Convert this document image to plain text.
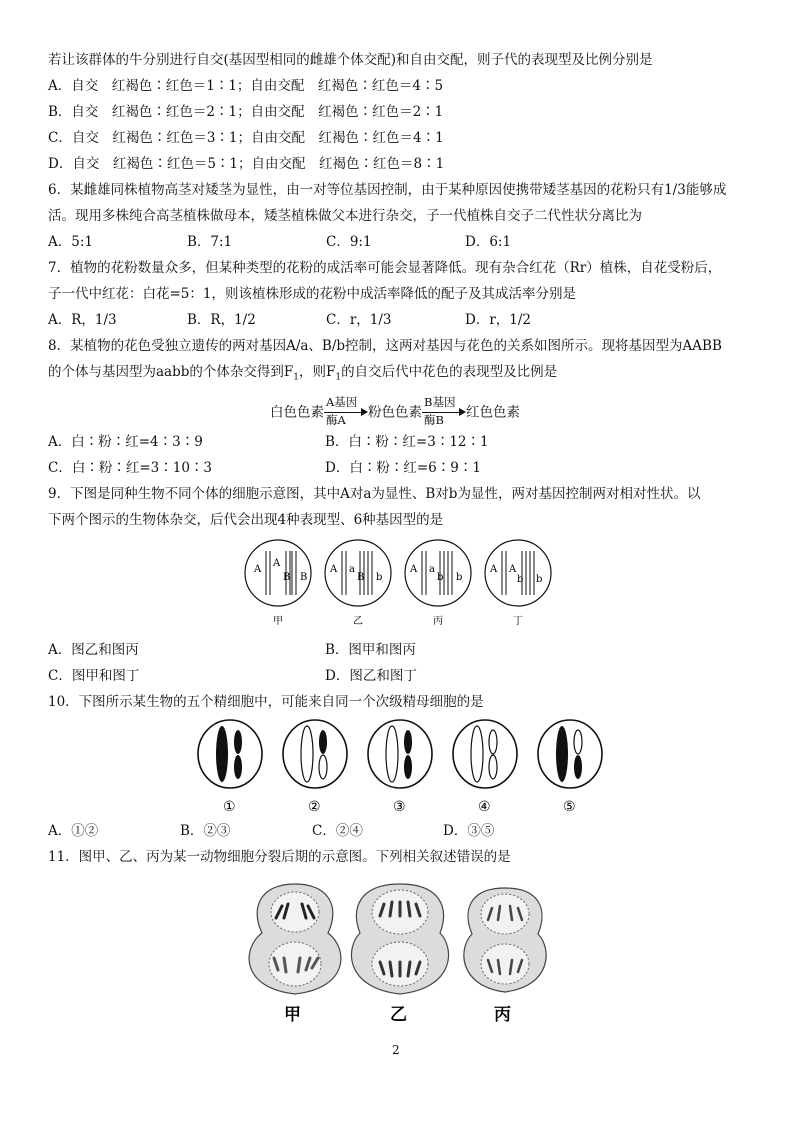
若让该群体的牛分别进行自交(基因型相同的雌雄个体交配)和自由交配，则子代的表现型及比例分别是
A．自交　红褐色∶红色＝1∶1；自由交配　红褐色∶红色＝4∶5
B．自交　红褐色∶红色＝2∶1；自由交配　红褐色∶红色＝2∶1
C．自交　红褐色∶红色＝3∶1；自由交配　红褐色∶红色＝4∶1
D．自交　红褐色∶红色＝5∶1；自由交配　红褐色∶红色＝8∶1
6．某雌雄同株植物高茎对矮茎为显性，由一对等位基因控制，由于某种原因使携带矮茎基因的花粉只有1/3能够成
活。现用多株纯合高茎植株做母本，矮茎植株做父本进行杂交，子一代植株自交子二代性状分离比为
A．5:1	B．7:1	C．9:1	D．6:1
7．植物的花粉数量众多，但某种类型的花粉的成活率可能会显著降低。现有杂合红花（Rr）植株，自花受粉后，
子一代中红花：白花=5：1，则该植株形成的花粉中成活率降低的配子及其成活率分别是
A．R，1/3	B．R，1/2	C．r，1/3	D．r，1/2
8．某植物的花色受独立遗传的两对基因A/a、B/b控制，这两对基因与花色的关系如图所示。现将基因型为AABB
的个体与基因型为aabb的个体杂交得到$F_1$，则$F_1$的自交后代中花色的表现型及比例是
白色色素
A基因
酶A 粉色色素
B基因
酶B 红色色素
A．白∶粉∶红=4∶3∶9	B．白∶粉∶红=3∶12∶1
C．白∶粉∶红=3∶10∶3	D．白∶粉∶红=6∶9∶1
9．下图是同种生物不同个体的细胞示意图，其中A对a为显性、B对b为显性，两对基因控制两对相对性状。以
下两个图示的生物体杂交，后代会出现4种表现型、6种基因型的是
A
A
B B
甲
A a
B b
乙
A a
b b
丙
A A
b b
丁
A．图乙和图丙	B．图甲和图丙
C．图甲和图丁	D．图乙和图丁
10．下图所示某生物的五个精细胞中，可能来自同一个次级精母细胞的是
①	②	③	④	⑤
A．①②	B．②③	C．②④	D．③⑤
11．图甲、乙、丙为某一动物细胞分裂后期的示意图。下列相关叙述错误的是
甲	乙	丙
2
